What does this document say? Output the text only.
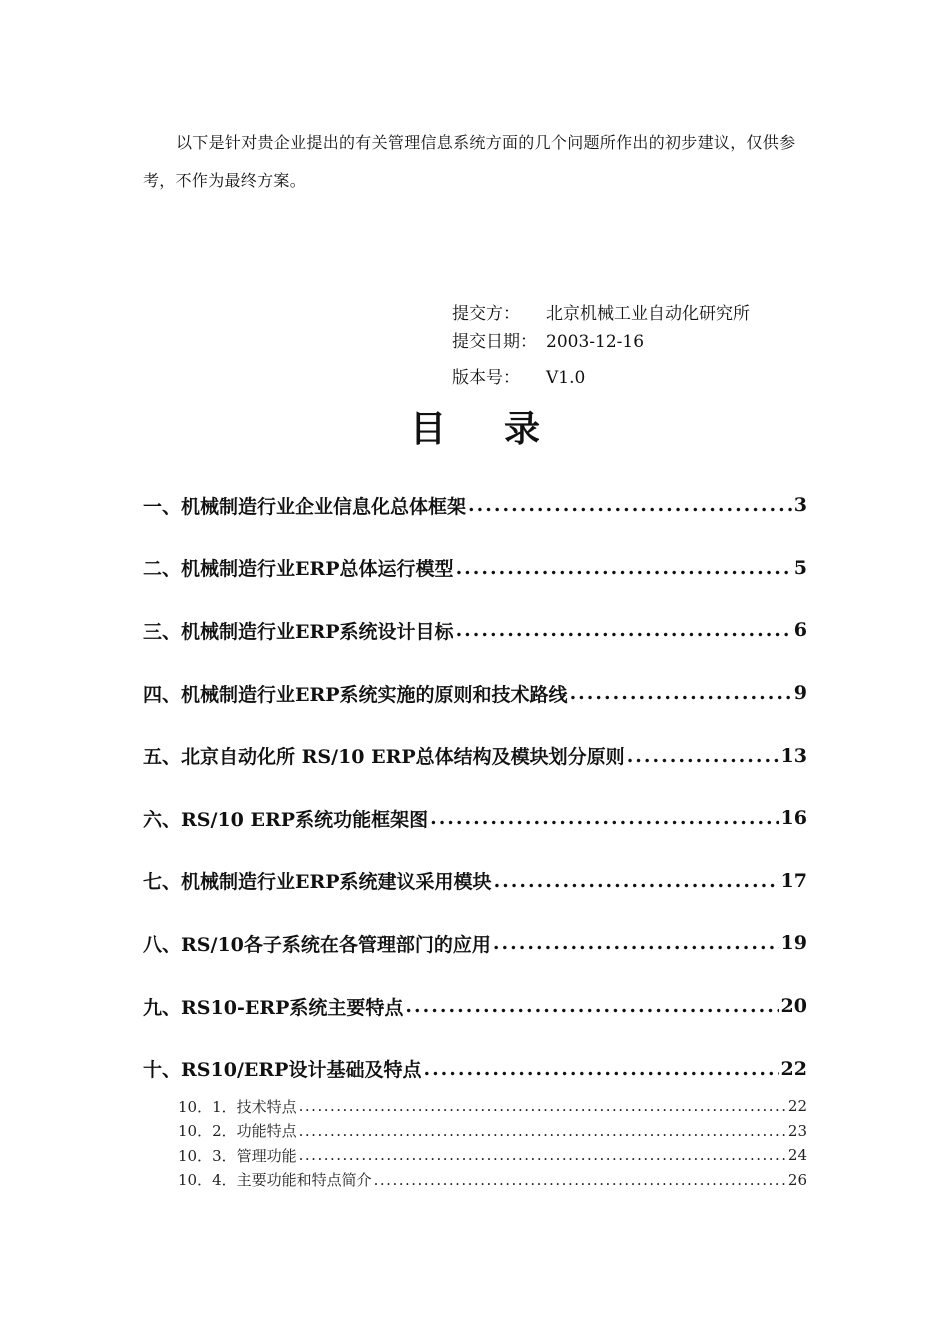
以下是针对贵企业提出的有关管理信息系统方面的几个问题所作出的初步建议，仅供参考，不作为最终方案。

提交方： 北京机械工业自动化研究所
提交日期： 2003-12-16
版本号： V1.0
目录
一、机械制造行业企业信息化总体框架 .....	3
二、机械制造行业ERP总体运行模型 .....	5
三、机械制造行业ERP系统设计目标 .....	6
四、机械制造行业ERP系统实施的原则和技术路线 .....	9
五、北京自动化所 RS/10 ERP总体结构及模块划分原则 .....	13
六、RS/10 ERP系统功能框架图 .....	16
七、机械制造行业ERP系统建议采用模块 .....	17
八、RS/10各子系统在各管理部门的应用 .....	19
九、RS10-ERP系统主要特点 .....	20
十、RS10/ERP设计基础及特点 .....	22
10．1．技术特点 .....	22
10．2．功能特点 .....	23
10．3．管理功能 .....	24
10．4．主要功能和特点简介 .....	26
